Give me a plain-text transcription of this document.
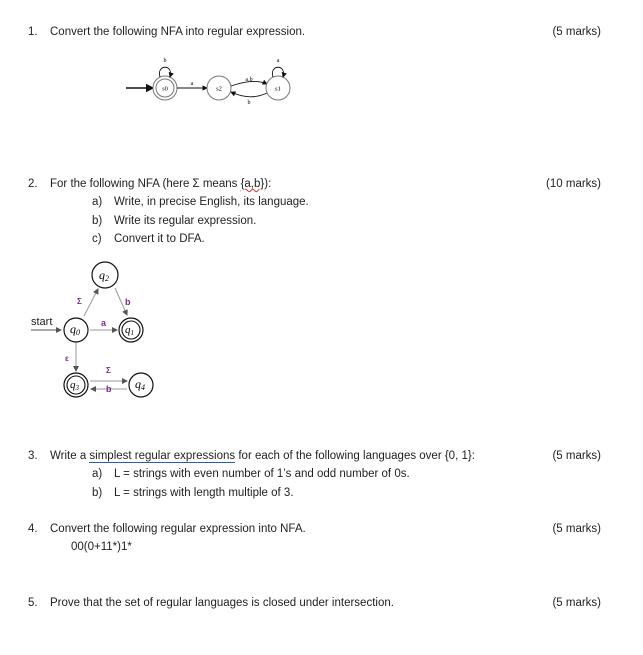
1.	Convert the following NFA into regular expression.	(5 marks)
s0
b
a
s2
a,b
b
s1
a
2.	For the following NFA (here Σ means {a,b}):	(10 marks)
a) Write, in precise English, its language.
b) Write its regular expression.
c) Convert it to DFA.
start
Σ	b
a
ε
Σ
b
q2
q0	q1
q3	q4
3.	Write a simplest regular expressions for each of the following languages over {0, 1}:	(5 marks)
a) L = strings with even number of 1’s and odd number of 0s.
b) L = strings with length multiple of 3.
4.	Convert the following regular expression into NFA.	(5 marks)
00(0+11*)1*
5.	Prove that the set of regular languages is closed under intersection.	(5 marks)
